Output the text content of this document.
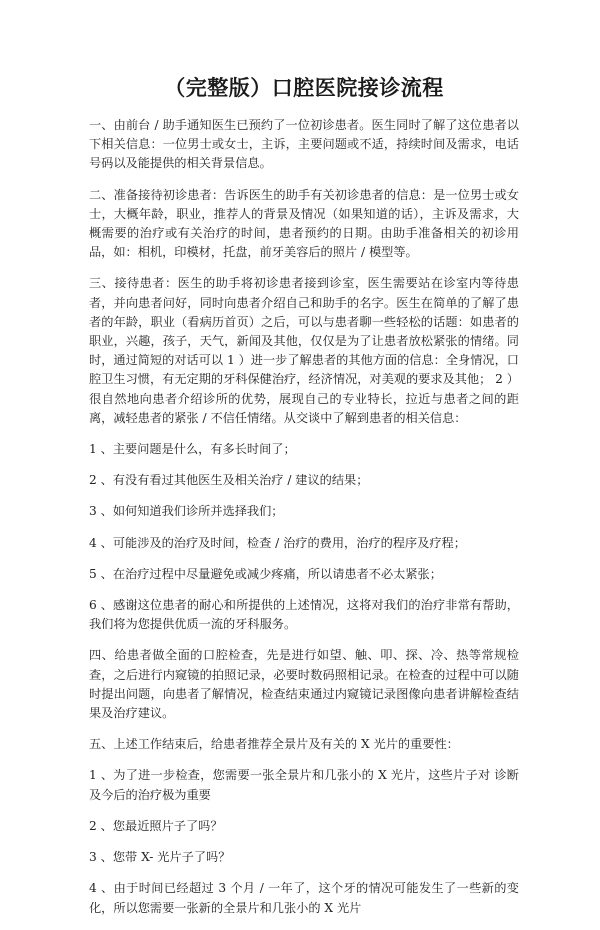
（完整版）口腔医院接诊流程

一、由前台 / 助手通知医生已预约了一位初诊患者。医生同时了解了这位患者以下相关信息：一位男士或女士，主诉，主要问题或不适，持续时间及需求，电话号码以及能提供的相关背景信息。

二、准备接待初诊患者：告诉医生的助手有关初诊患者的信息：是一位男士或女士，大概年龄，职业，推荐人的背景及情况（如果知道的话），主诉及需求，大概需要的治疗或有关治疗的时间，患者预约的日期。由助手准备相关的初诊用品，如：相机，印模材，托盘，前牙美容后的照片 / 模型等。

三、接待患者：医生的助手将初诊患者接到诊室，医生需要站在诊室内等待患者，并向患者问好，同时向患者介绍自己和助手的名字。医生在简单的了解了患者的年龄，职业（看病历首页）之后，可以与患者聊一些轻松的话题：如患者的职业，兴趣，孩子，天气，新闻及其他，仅仅是为了让患者放松紧张的情绪。同时，通过简短的对话可以 1 ）进一步了解患者的其他方面的信息：全身情况，口腔卫生习惯，有无定期的牙科保健治疗，经济情况，对美观的要求及其他； 2 ）很自然地向患者介绍诊所的优势，展现自己的专业特长，拉近与患者之间的距离，减轻患者的紧张 / 不信任情绪。从交谈中了解到患者的相关信息：

1 、主要问题是什么，有多长时间了；

2 、有没有看过其他医生及相关治疗 / 建议的结果；

3 、如何知道我们诊所并选择我们；

4 、可能涉及的治疗及时间，检查 / 治疗的费用，治疗的程序及疗程；

5 、在治疗过程中尽量避免或减少疼痛，所以请患者不必太紧张；

6 、感谢这位患者的耐心和所提供的上述情况，这将对我们的治疗非常有帮助，我们将为您提供优质一流的牙科服务。

四、给患者做全面的口腔检查，先是进行如望、触、叩、探、冷、热等常规检查，之后进行内窥镜的拍照记录，必要时数码照相记录。在检查的过程中可以随时提出问题，向患者了解情况，检查结束通过内窥镜记录图像向患者讲解检查结果及治疗建议。

五、上述工作结束后，给患者推荐全景片及有关的 X 光片的重要性：

1 、为了进一步检查，您需要一张全景片和几张小的 X 光片，这些片子对 诊断及今后的治疗极为重要

2 、您最近照片子了吗？

3 、您带 X- 光片子了吗？

4 、由于时间已经超过 3 个月 / 一年了，这个牙的情况可能发生了一些新的变化，所以您需要一张新的全景片和几张小的 X 光片
